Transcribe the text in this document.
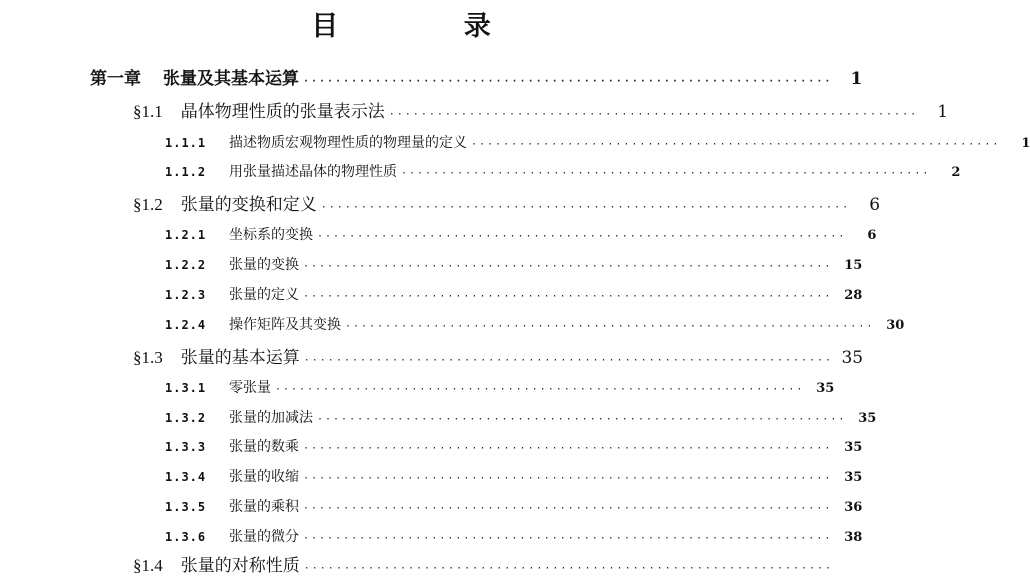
目 录
第一章 张量及其基本运算 ··································································	1
§1.1 晶体物理性质的张量表示法 ··································································	1
1.1.1	描述物质宏观物理性质的物理量的定义 ··································································	1
1.1.2	用张量描述晶体的物理性质 ··································································	2
§1.2 张量的变换和定义 ··································································	6
1.2.1	坐标系的变换 ··································································	6
1.2.2	张量的变换 ·································································· 15
1.2.3	张量的定义 ·································································· 28
1.2.4	操作矩阵及其变换 ·································································· 30
§1.3 张量的基本运算 ·································································· 35
1.3.1	零张量 ·································································· 35
1.3.2	张量的加减法 ·································································· 35
1.3.3	张量的数乘 ·································································· 35
1.3.4	张量的收缩 ·································································· 35
1.3.5	张量的乘积 ·································································· 36
1.3.6	张量的微分 ·································································· 38
§1.4 张量的对称性质 ··································································
